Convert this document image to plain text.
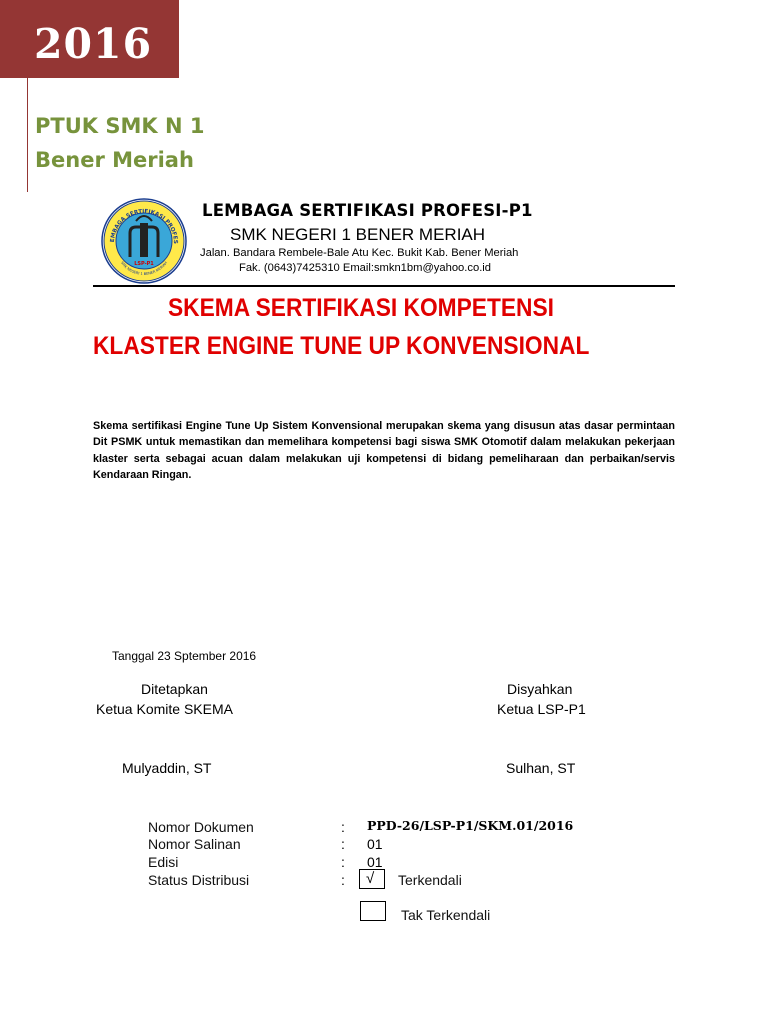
2016
PTUK SMK N 1
Bener Meriah
EMBAGA SERTIFIKASI PROFES
SMK NEGERI 1 BENER MERIAH
LSP-P1
LEMBAGA SERTIFIKASI PROFESI-P1
SMK NEGERI 1 BENER MERIAH
Jalan. Bandara Rembele-Bale Atu Kec. Bukit Kab. Bener Meriah
Fak. (0643)7425310 Email:smkn1bm@yahoo.co.id
SKEMA SERTIFIKASI KOMPETENSI
KLASTER ENGINE TUNE UP KONVENSIONAL
Skema sertifikasi Engine Tune Up Sistem Konvensional merupakan skema yang disusun atas dasar permintaan Dit PSMK untuk memastikan dan memelihara kompetensi bagi siswa SMK Otomotif dalam melakukan pekerjaan klaster serta sebagai acuan dalam melakukan uji kompetensi di bidang pemeliharaan dan perbaikan/servis Kendaraan Ringan.
Tanggal 23 Sptember 2016
Ditetapkan
Ketua Komite SKEMA
Mulyaddin, ST
Disyahkan
Ketua LSP-P1
Sulhan, ST
Nomor Dokumen	: PPD-26/LSP-P1/SKM.01/2016
Nomor Salinan	: 01
Edisi	: 01
Status Distribusi	: √ Terkendali
Tak Terkendali
